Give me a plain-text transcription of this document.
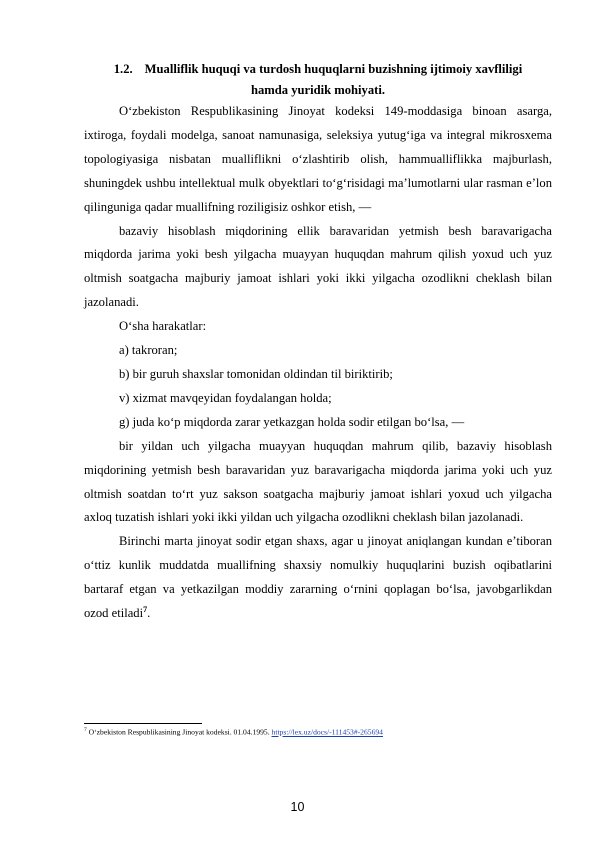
1.2. Mualliflik huquqi va turdosh huquqlarni buzishning ijtimoiy xavfliligi
hamda yuridik mohiyati.

O‘zbekiston Respublikasining Jinoyat kodeksi 149-moddasiga binoan asarga, ixtiroga, foydali modelga, sanoat namunasiga, seleksiya yutug‘iga va integral mikrosxema topologiyasiga nisbatan mualliflikni o‘zlashtirib olish, hammualliflikka majburlash, shuningdek ushbu intellektual mulk obyektlari to‘g‘risidagi ma’lumotlarni ular rasman e’lon qilinguniga qadar muallifning roziligisiz oshkor etish, —

bazaviy hisoblash miqdorining ellik baravaridan yetmish besh baravarigacha miqdorda jarima yoki besh yilgacha muayyan huquqdan mahrum qilish yoxud uch yuz oltmish soatgacha majburiy jamoat ishlari yoki ikki yilgacha ozodlikni cheklash bilan jazolanadi.

O‘sha harakatlar:

a) takroran;

b) bir guruh shaxslar tomonidan oldindan til biriktirib;

v) xizmat mavqeyidan foydalangan holda;

g) juda ko‘p miqdorda zarar yetkazgan holda sodir etilgan bo‘lsa, —

bir yildan uch yilgacha muayyan huquqdan mahrum qilib, bazaviy hisoblash miqdorining yetmish besh baravaridan yuz baravarigacha miqdorda jarima yoki uch yuz oltmish soatdan to‘rt yuz sakson soatgacha majburiy jamoat ishlari yoxud uch yilgacha axloq tuzatish ishlari yoki ikki yildan uch yilgacha ozodlikni cheklash bilan jazolanadi.

Birinchi marta jinoyat sodir etgan shaxs, agar u jinoyat aniqlangan kundan e’tiboran o‘ttiz kunlik muddatda muallifning shaxsiy nomulkiy huquqlarini buzish oqibatlarini bartaraf etgan va yetkazilgan moddiy zararning o‘rnini qoplagan bo‘lsa, javobgarlikdan ozod etiladi$^7$.

$^7$ O‘zbekiston Respublikasining Jinoyat kodeksi. 01.04.1995. https://lex.uz/docs/-111453#-265694
10
